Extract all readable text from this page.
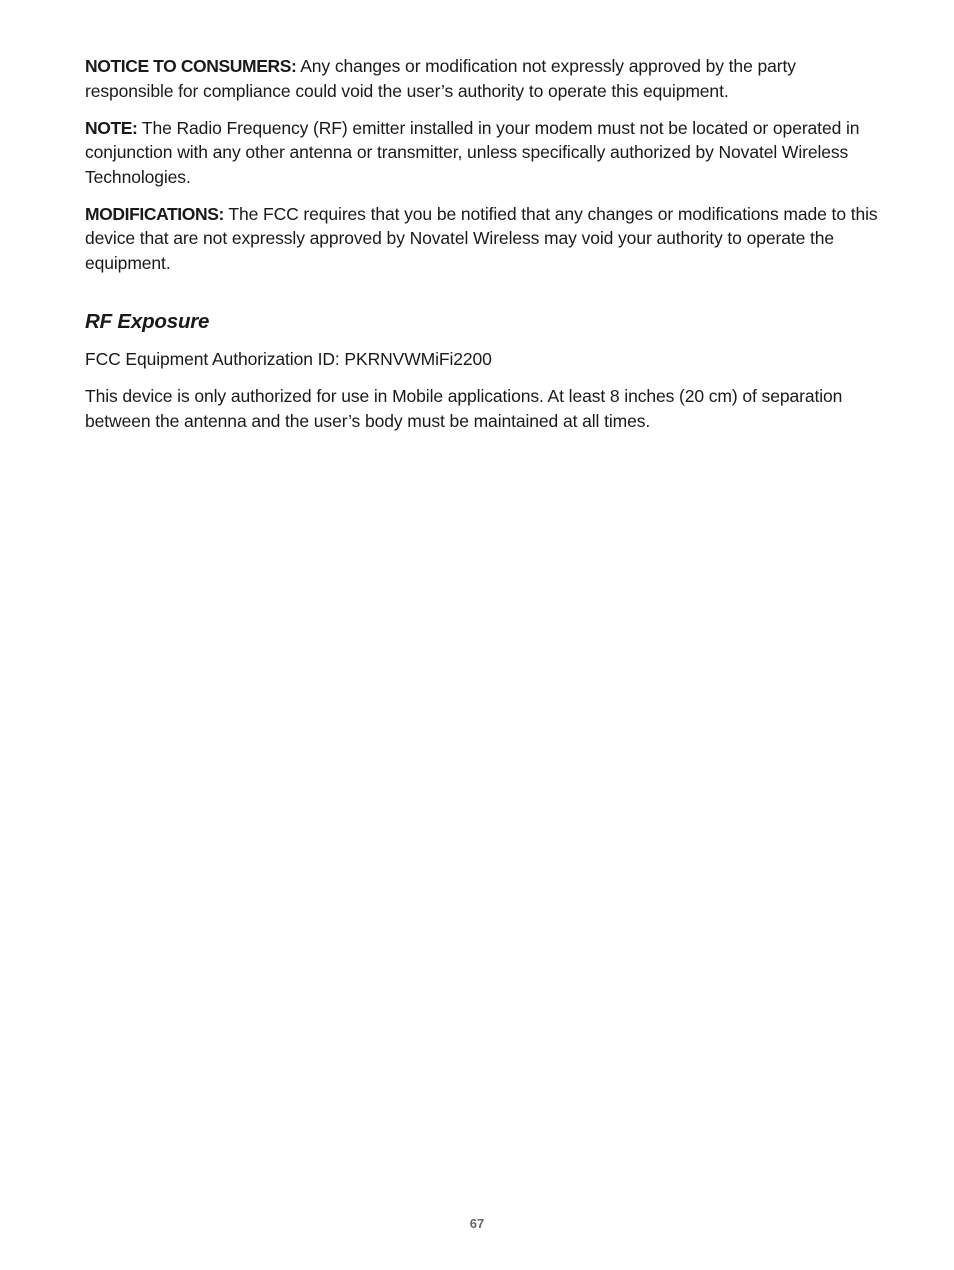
NOTICE TO CONSUMERS: Any changes or modification not expressly approved by the party responsible for compliance could void the user’s authority to operate this equipment.

NOTE: The Radio Frequency (RF) emitter installed in your modem must not be located or operated in conjunction with any other antenna or transmitter, unless specifically authorized by Novatel Wireless Technologies.

MODIFICATIONS: The FCC requires that you be notified that any changes or modifications made to this device that are not expressly approved by Novatel Wireless may void your authority to operate the equipment.

RF Exposure

FCC Equipment Authorization ID: PKRNVWMiFi2200

This device is only authorized for use in Mobile applications. At least 8 inches (20 cm) of separation between the antenna and the user’s body must be maintained at all times.

67
